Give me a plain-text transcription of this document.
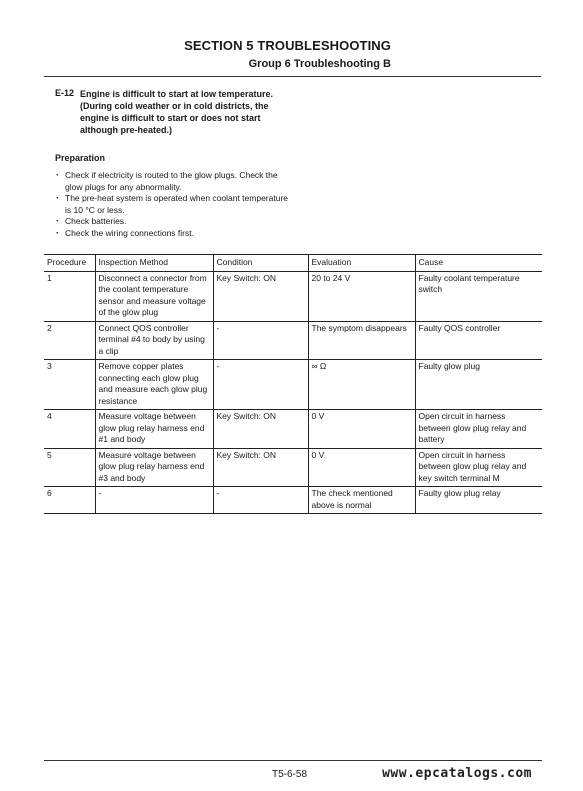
SECTION 5 TROUBLESHOOTING
Group 6 Troubleshooting B
E-12 Engine is difficult to start at low temperature. (During cold weather or in cold districts, the engine is difficult to start or does not start although pre-heated.)
Preparation
・ Check if electricity is routed to the glow plugs. Check the glow plugs for any abnormality.
・ The pre-heat system is operated when coolant temperature is 10 °C or less.
・ Check batteries.
・ Check the wiring connections first.
Procedure	Inspection Method	Condition	Evaluation	Cause
1	Disconnect a connector from the coolant temperature sensor and measure voltage of the glow plug	Key Switch: ON	20 to 24 V	Faulty coolant temperature switch
2	Connect QOS controller terminal #4 to body by using a clip	-	The symptom disappears	Faulty QOS controller
3	Remove copper plates connecting each glow plug and measure each glow plug resistance	-	∞ Ω	Faulty glow plug
4	Measure voltage between glow plug relay harness end #1 and body	Key Switch: ON	0 V	Open circuit in harness between glow plug relay and battery
5	Measure voltage between glow plug relay harness end #3 and body	Key Switch: ON	0 V	Open circuit in harness between glow plug relay and key switch terminal M
6	-	-	The check mentioned above is normal	Faulty glow plug relay
T5-6-58	www.epcatalogs.com
